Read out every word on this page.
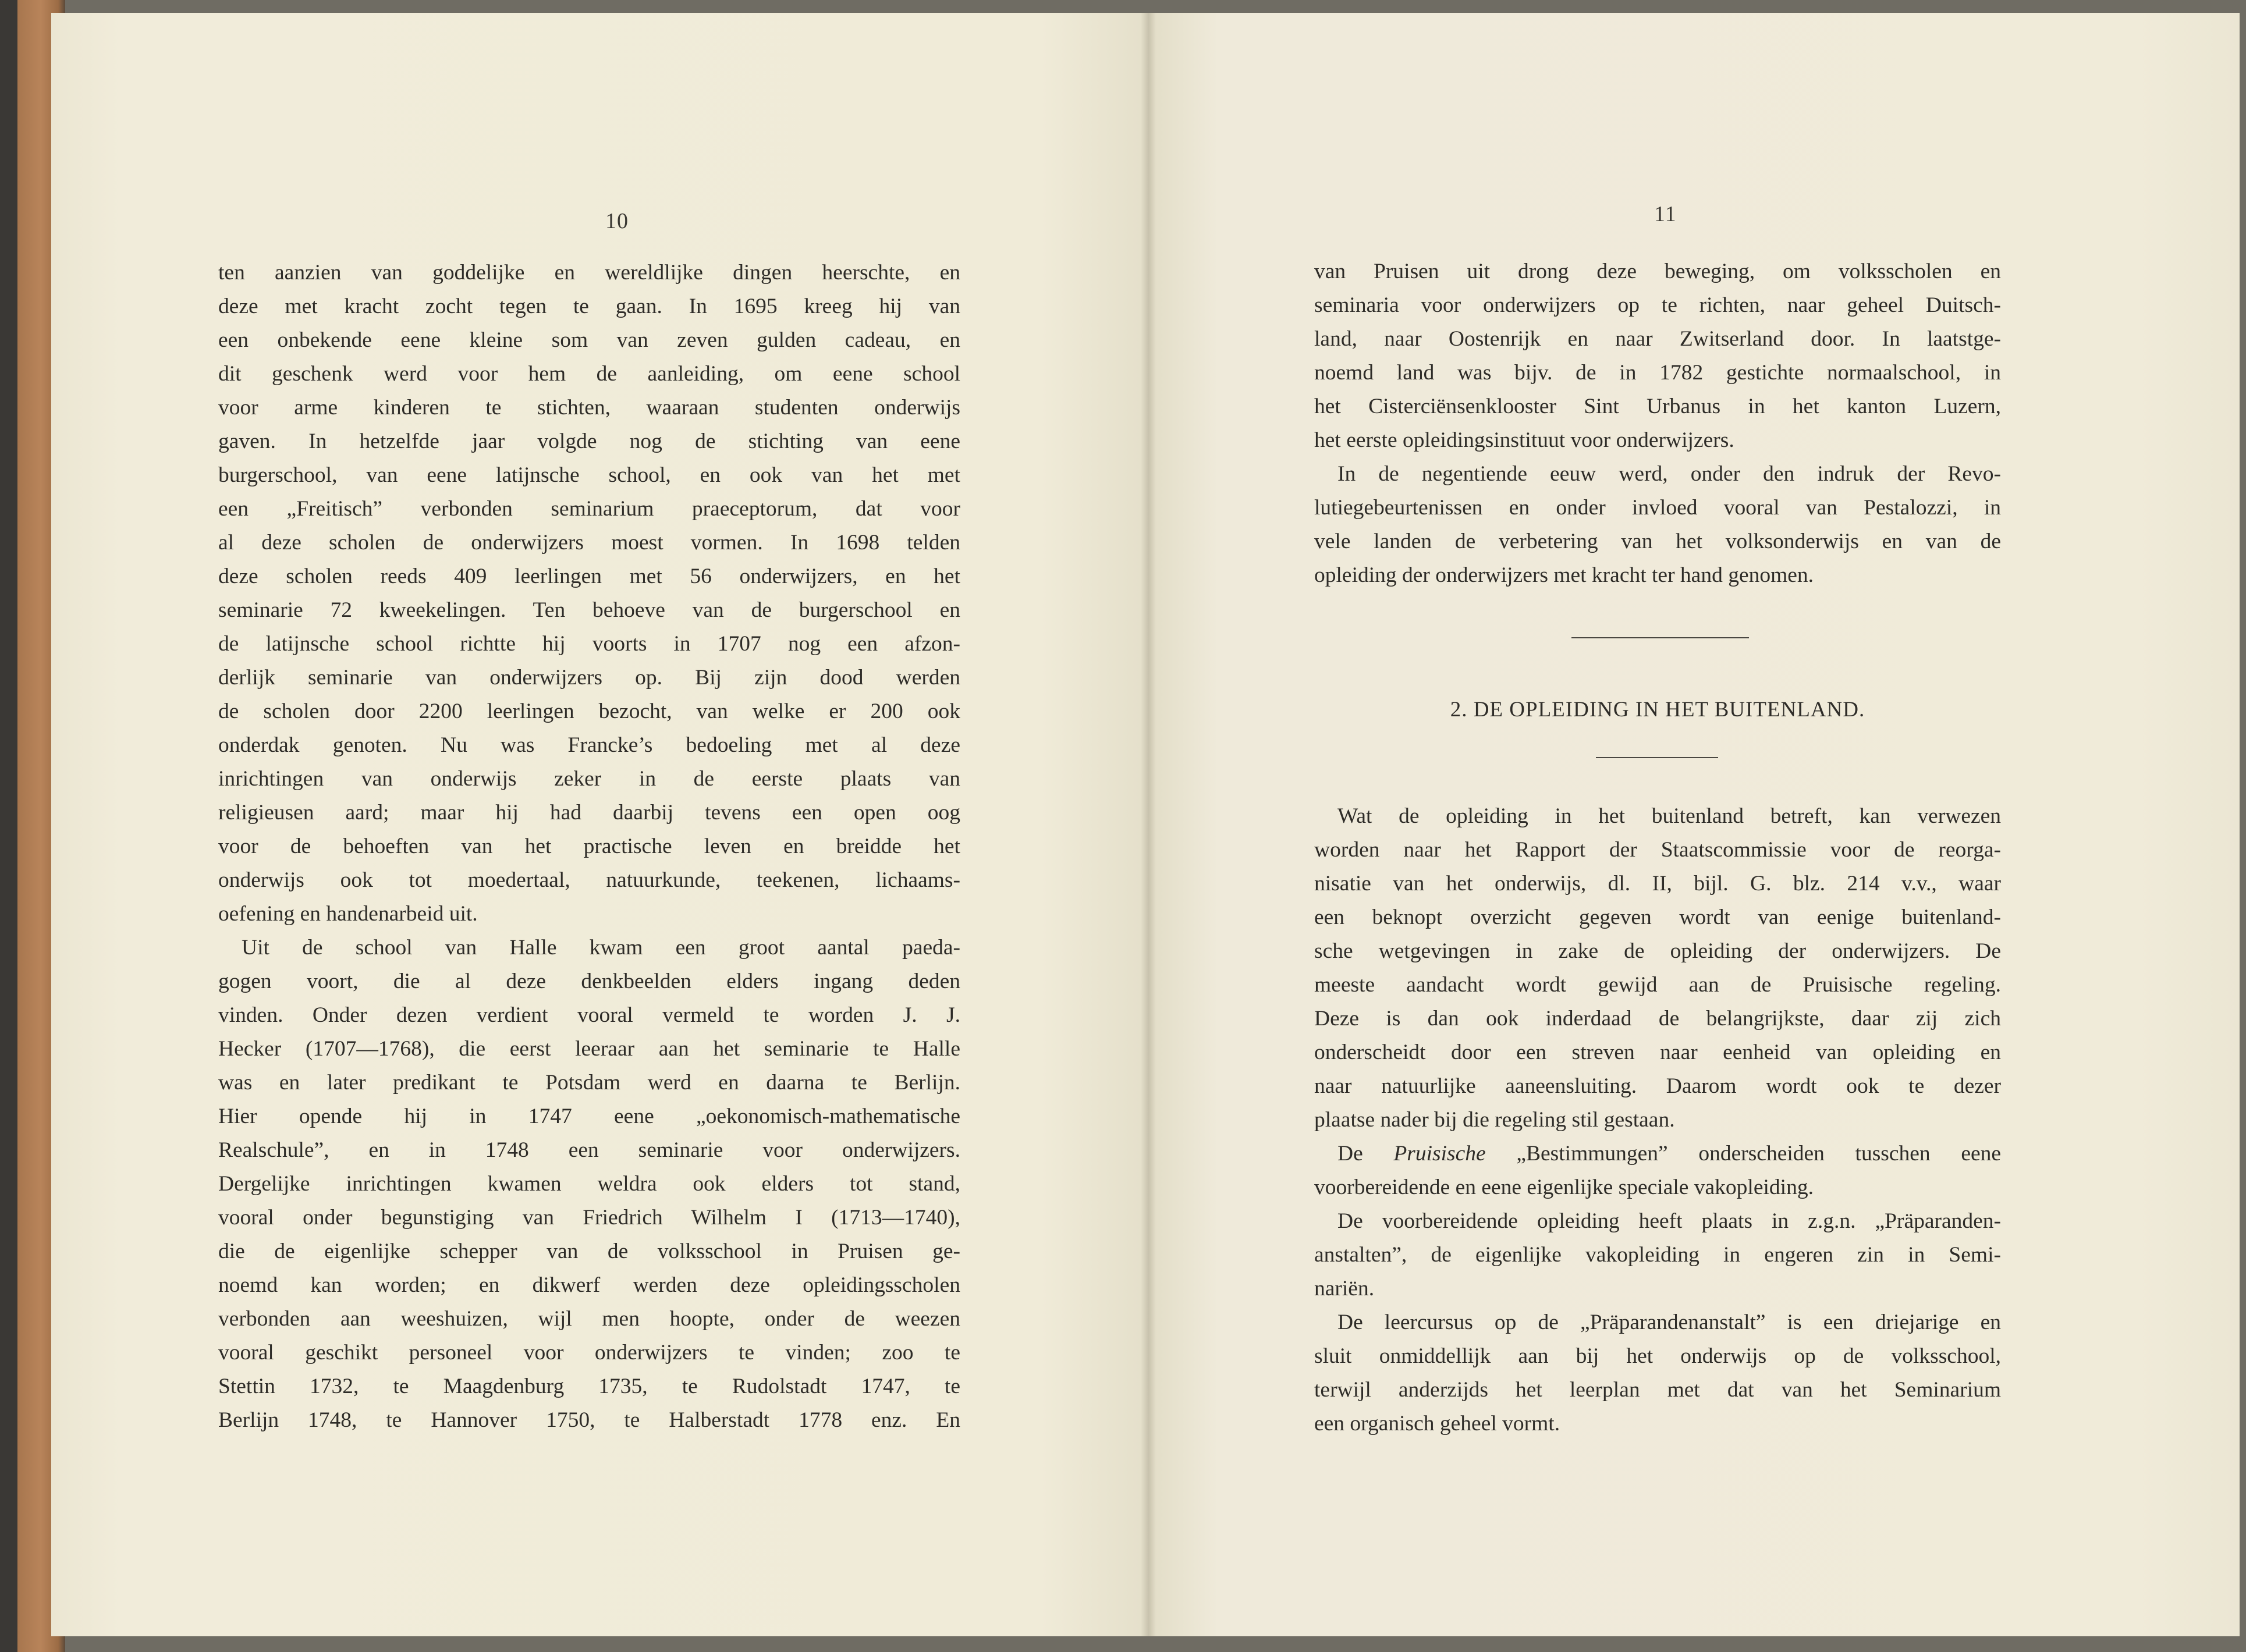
10
ten aanzien van goddelijke en wereldlijke dingen heerschte, en
deze met kracht zocht tegen te gaan. In 1695 kreeg hij van
een onbekende eene kleine som van zeven gulden cadeau, en
dit geschenk werd voor hem de aanleiding, om eene school
voor arme kinderen te stichten, waaraan studenten onderwijs
gaven. In hetzelfde jaar volgde nog de stichting van eene
burgerschool, van eene latijnsche school, en ook van het met
een „Freitisch” verbonden seminarium praeceptorum, dat voor
al deze scholen de onderwijzers moest vormen. In 1698 telden
deze scholen reeds 409 leerlingen met 56 onderwijzers, en het
seminarie 72 kweekelingen. Ten behoeve van de burgerschool en
de latijnsche school richtte hij voorts in 1707 nog een afzon-
derlijk seminarie van onderwijzers op. Bij zijn dood werden
de scholen door 2200 leerlingen bezocht, van welke er 200 ook
onderdak genoten. Nu was Francke’s bedoeling met al deze
inrichtingen van onderwijs zeker in de eerste plaats van
religieusen aard; maar hij had daarbij tevens een open oog
voor de behoeften van het practische leven en breidde het
onderwijs ook tot moedertaal, natuurkunde, teekenen, lichaams-
oefening en handenarbeid uit.
Uit de school van Halle kwam een groot aantal paeda-
gogen voort, die al deze denkbeelden elders ingang deden
vinden. Onder dezen verdient vooral vermeld te worden J. J.
Hecker (1707—1768), die eerst leeraar aan het seminarie te Halle
was en later predikant te Potsdam werd en daarna te Berlijn.
Hier opende hij in 1747 eene „oekonomisch-mathematische
Realschule”, en in 1748 een seminarie voor onderwijzers.
Dergelijke inrichtingen kwamen weldra ook elders tot stand,
vooral onder begunstiging van Friedrich Wilhelm I (1713—1740),
die de eigenlijke schepper van de volksschool in Pruisen ge-
noemd kan worden; en dikwerf werden deze opleidingsscholen
verbonden aan weeshuizen, wijl men hoopte, onder de weezen
vooral geschikt personeel voor onderwijzers te vinden; zoo te
Stettin 1732, te Maagdenburg 1735, te Rudolstadt 1747, te
Berlijn 1748, te Hannover 1750, te Halberstadt 1778 enz. En
11
van Pruisen uit drong deze beweging, om volksscholen en
seminaria voor onderwijzers op te richten, naar geheel Duitsch-
land, naar Oostenrijk en naar Zwitserland door. In laatstge-
noemd land was bijv. de in 1782 gestichte normaalschool, in
het Cisterciënsenklooster Sint Urbanus in het kanton Luzern,
het eerste opleidingsinstituut voor onderwijzers.
In de negentiende eeuw werd, onder den indruk der Revo-
lutiegebeurtenissen en onder invloed vooral van Pestalozzi, in
vele landen de verbetering van het volksonderwijs en van de
opleiding der onderwijzers met kracht ter hand genomen.
2. DE OPLEIDING IN HET BUITENLAND.
Wat de opleiding in het buitenland betreft, kan verwezen
worden naar het Rapport der Staatscommissie voor de reorga-
nisatie van het onderwijs, dl. II, bijl. G. blz. 214 v.v., waar
een beknopt overzicht gegeven wordt van eenige buitenland-
sche wetgevingen in zake de opleiding der onderwijzers. De
meeste aandacht wordt gewijd aan de Pruisische regeling.
Deze is dan ook inderdaad de belangrijkste, daar zij zich
onderscheidt door een streven naar eenheid van opleiding en
naar natuurlijke aaneensluiting. Daarom wordt ook te dezer
plaatse nader bij die regeling stil gestaan.
De Pruisische „Bestimmungen” onderscheiden tusschen eene
voorbereidende en eene eigenlijke speciale vakopleiding.
De voorbereidende opleiding heeft plaats in z.g.n. „Präparanden-
anstalten”, de eigenlijke vakopleiding in engeren zin in Semi-
nariën.
De leercursus op de „Präparandenanstalt” is een driejarige en
sluit onmiddellijk aan bij het onderwijs op de volksschool,
terwijl anderzijds het leerplan met dat van het Seminarium
een organisch geheel vormt.
